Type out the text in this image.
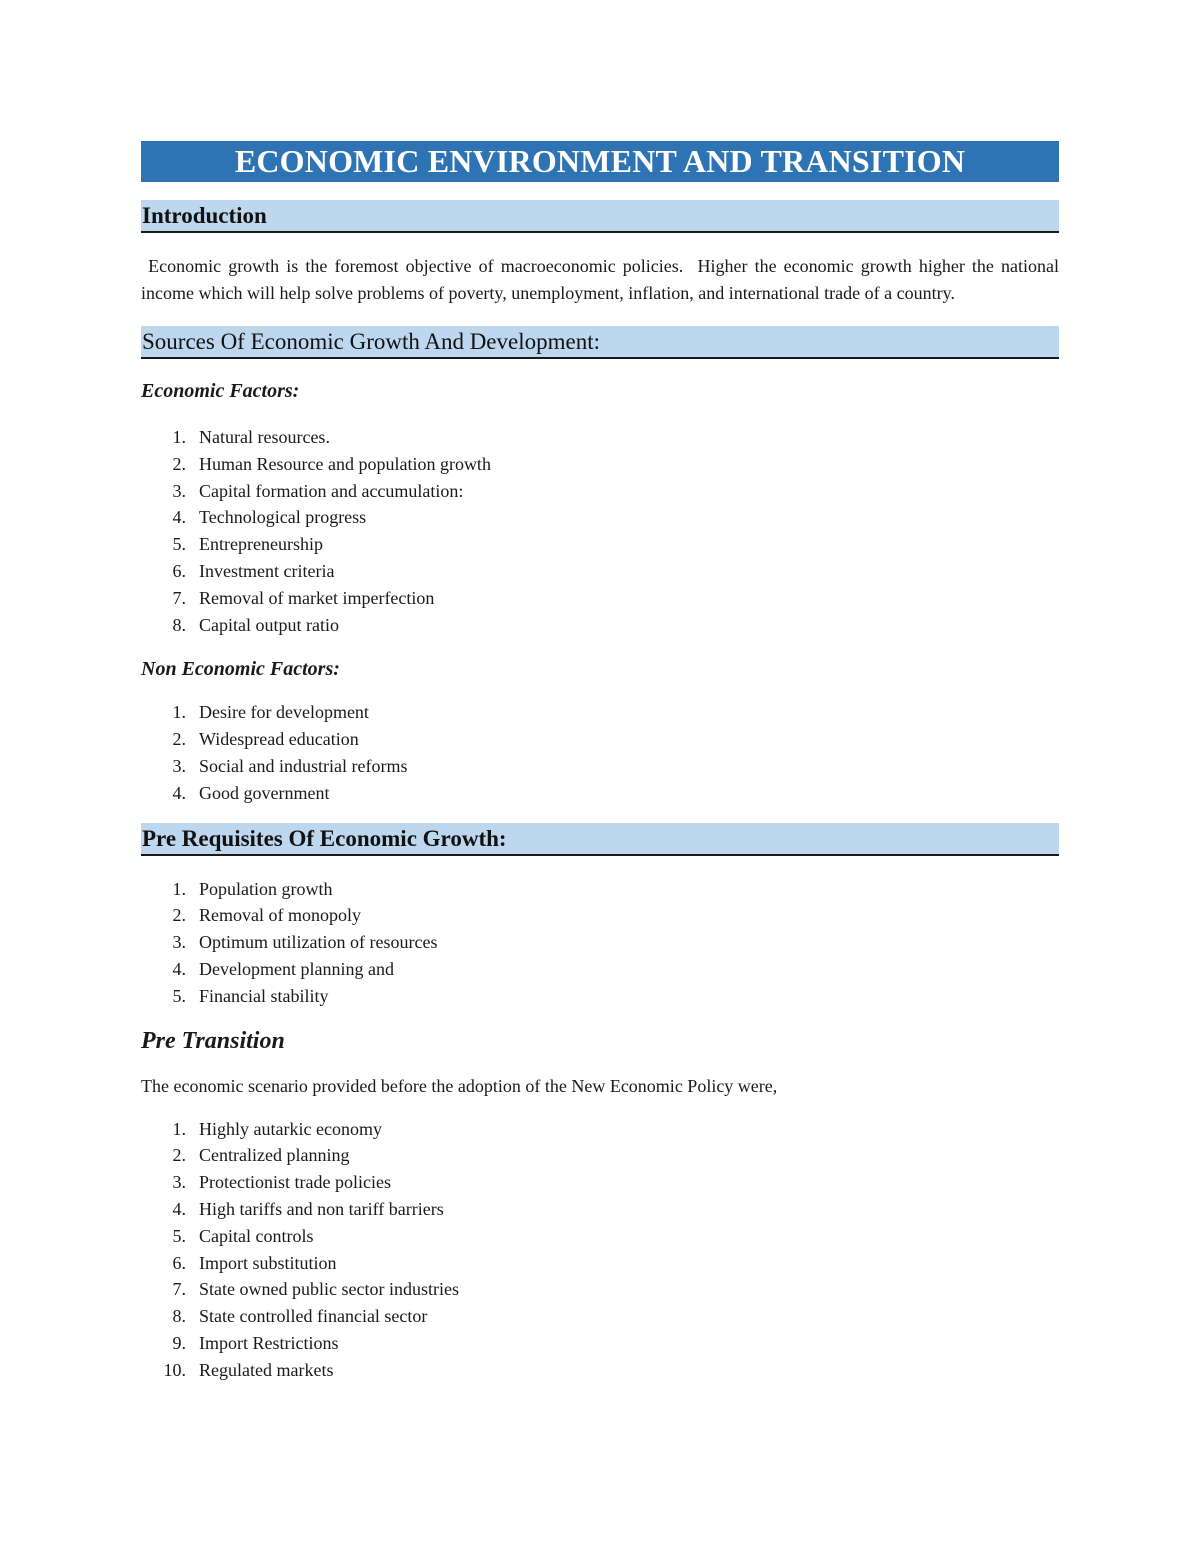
ECONOMIC ENVIRONMENT AND TRANSITION
Introduction

Economic growth is the foremost objective of macroeconomic policies.  Higher the economic growth higher the national income which will help solve problems of poverty, unemployment, inflation, and international trade of a country.

Sources Of Economic Growth And Development:
Economic Factors:
1. Natural resources.
2. Human Resource and population growth
3. Capital formation and accumulation:
4. Technological progress
5. Entrepreneurship
6. Investment criteria
7. Removal of market imperfection
8. Capital output ratio
Non Economic Factors:
1. Desire for development
2. Widespread education
3. Social and industrial reforms
4. Good government
Pre Requisites Of Economic Growth:
1. Population growth
2. Removal of monopoly
3. Optimum utilization of resources
4. Development planning and
5. Financial stability
Pre Transition

The economic scenario provided before the adoption of the New Economic Policy were,

1. Highly autarkic economy
2. Centralized planning
3. Protectionist trade policies
4. High tariffs and non tariff barriers
5. Capital controls
6. Import substitution
7. State owned public sector industries
8. State controlled financial sector
9. Import Restrictions
10. Regulated markets
